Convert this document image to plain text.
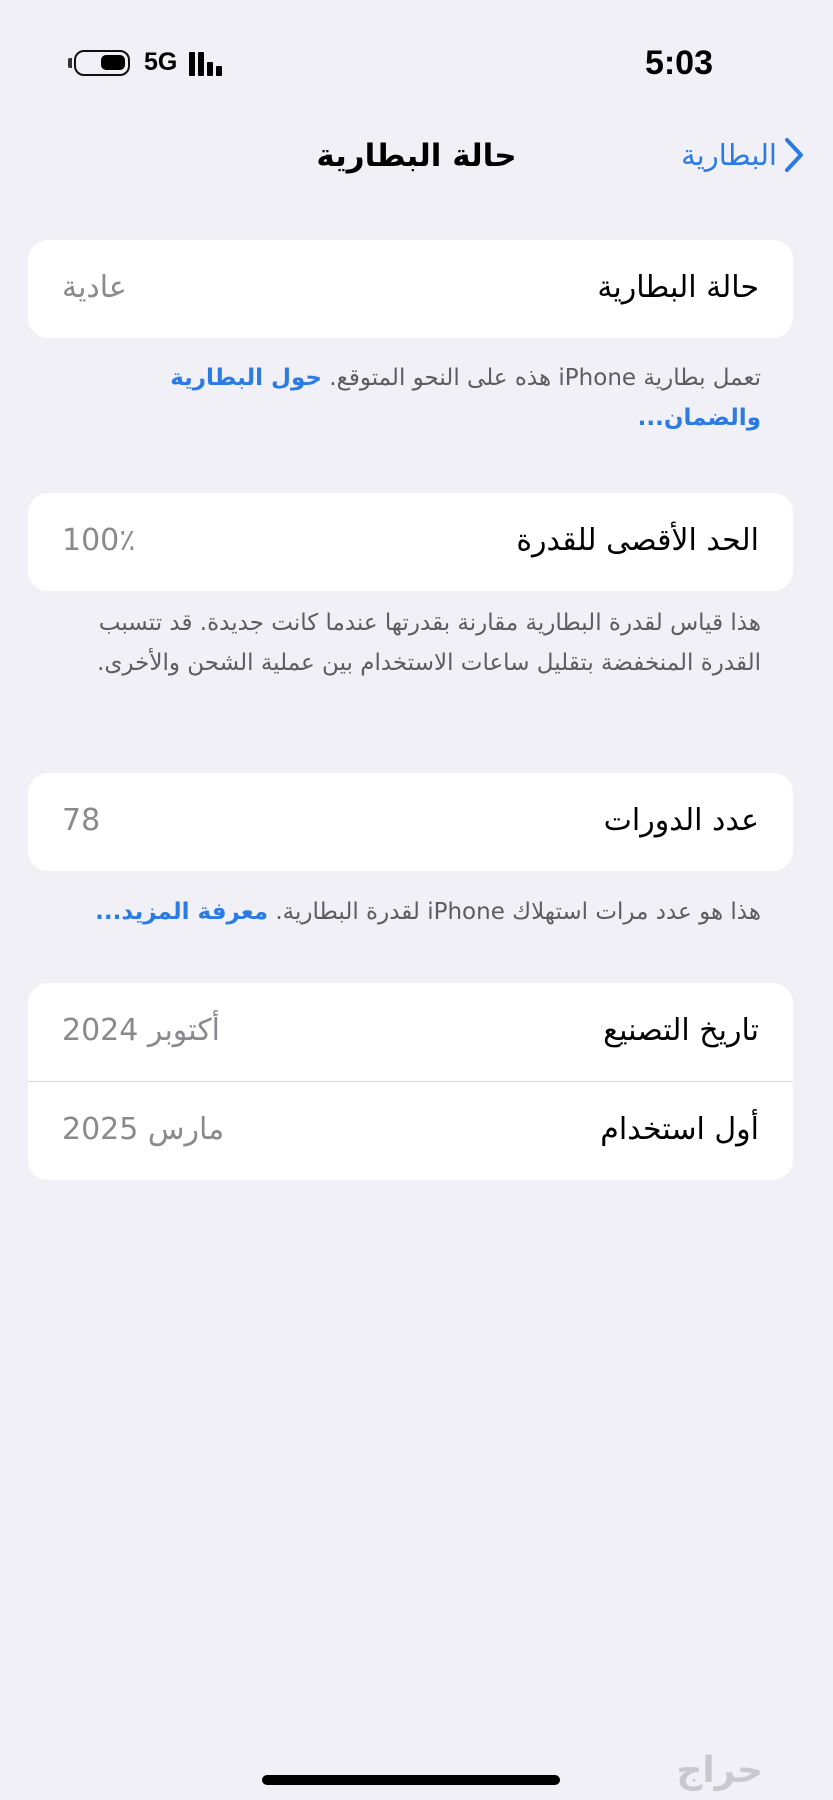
5G	5:03
حالة البطارية	البطارية
حالة البطارية
عادية
تعمل بطارية iPhone هذه على النحو المتوقع. حول البطارية والضمان...
الحد الأقصى للقدرة
100٪
هذا قياس لقدرة البطارية مقارنة بقدرتها عندما كانت جديدة. قد تتسبب القدرة المنخفضة بتقليل ساعات الاستخدام بين عملية الشحن والأخرى.
عدد الدورات
78
هذا هو عدد مرات استهلاك iPhone لقدرة البطارية. معرفة المزيد...
تاريخ التصنيع
أكتوبر 2024
أول استخدام
مارس 2025
حراج
